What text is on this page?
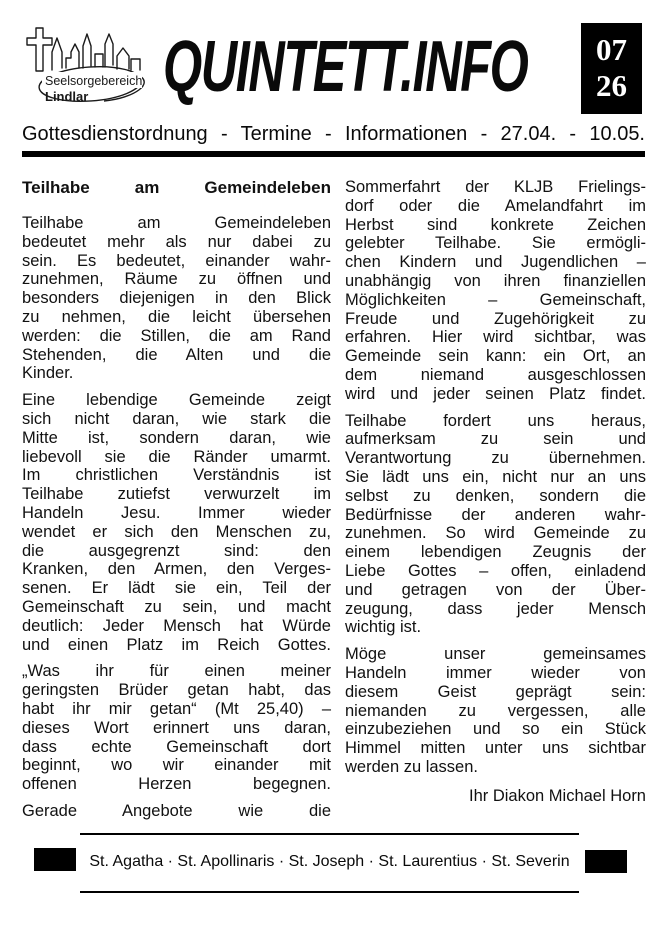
Seelsorgebereich
Lindlar QUINTETT.INFO	07
26
Gottesdienstordnung - Termine - Informationen - 27.04. - 10.05.
Teilhabe am Gemeindeleben
Teilhabe am Gemeindeleben
bedeutet mehr als nur dabei zu
sein. Es bedeutet, einander wahr-
zunehmen, Räume zu öffnen und
besonders diejenigen in den Blick
zu nehmen, die leicht übersehen
werden: die Stillen, die am Rand
Stehenden, die Alten und die
Kinder.
Eine lebendige Gemeinde zeigt
sich nicht daran, wie stark die
Mitte ist, sondern daran, wie
liebevoll sie die Ränder umarmt.
Im christlichen Verständnis ist
Teilhabe zutiefst verwurzelt im
Handeln Jesu. Immer wieder
wendet er sich den Menschen zu,
die ausgegrenzt sind: den
Kranken, den Armen, den Verges-
senen. Er lädt sie ein, Teil der
Gemeinschaft zu sein, und macht
deutlich: Jeder Mensch hat Würde
und einen Platz im Reich Gottes.
„Was ihr für einen meiner
geringsten Brüder getan habt, das
habt ihr mir getan“ (Mt 25,40) –
dieses Wort erinnert uns daran,
dass echte Gemeinschaft dort
beginnt, wo wir einander mit
offenen Herzen begegnen.
Gerade Angebote wie die
Sommerfahrt der KLJB Frielings-
dorf oder die Amelandfahrt im
Herbst sind konkrete Zeichen
gelebter Teilhabe. Sie ermögli-
chen Kindern und Jugendlichen –
unabhängig von ihren finanziellen
Möglichkeiten – Gemeinschaft,
Freude und Zugehörigkeit zu
erfahren. Hier wird sichtbar, was
Gemeinde sein kann: ein Ort, an
dem niemand ausgeschlossen
wird und jeder seinen Platz findet.
Teilhabe fordert uns heraus,
aufmerksam zu sein und
Verantwortung zu übernehmen.
Sie lädt uns ein, nicht nur an uns
selbst zu denken, sondern die
Bedürfnisse der anderen wahr-
zunehmen. So wird Gemeinde zu
einem lebendigen Zeugnis der
Liebe Gottes – offen, einladend
und getragen von der Über-
zeugung, dass jeder Mensch
wichtig ist.
Möge unser gemeinsames
Handeln immer wieder von
diesem Geist geprägt sein:
niemanden zu vergessen, alle
einzubeziehen und so ein Stück
Himmel mitten unter uns sichtbar
werden zu lassen.
Ihr Diakon Michael Horn
St. Agatha · St. Apollinaris · St. Joseph · St. Laurentius · St. Severin
